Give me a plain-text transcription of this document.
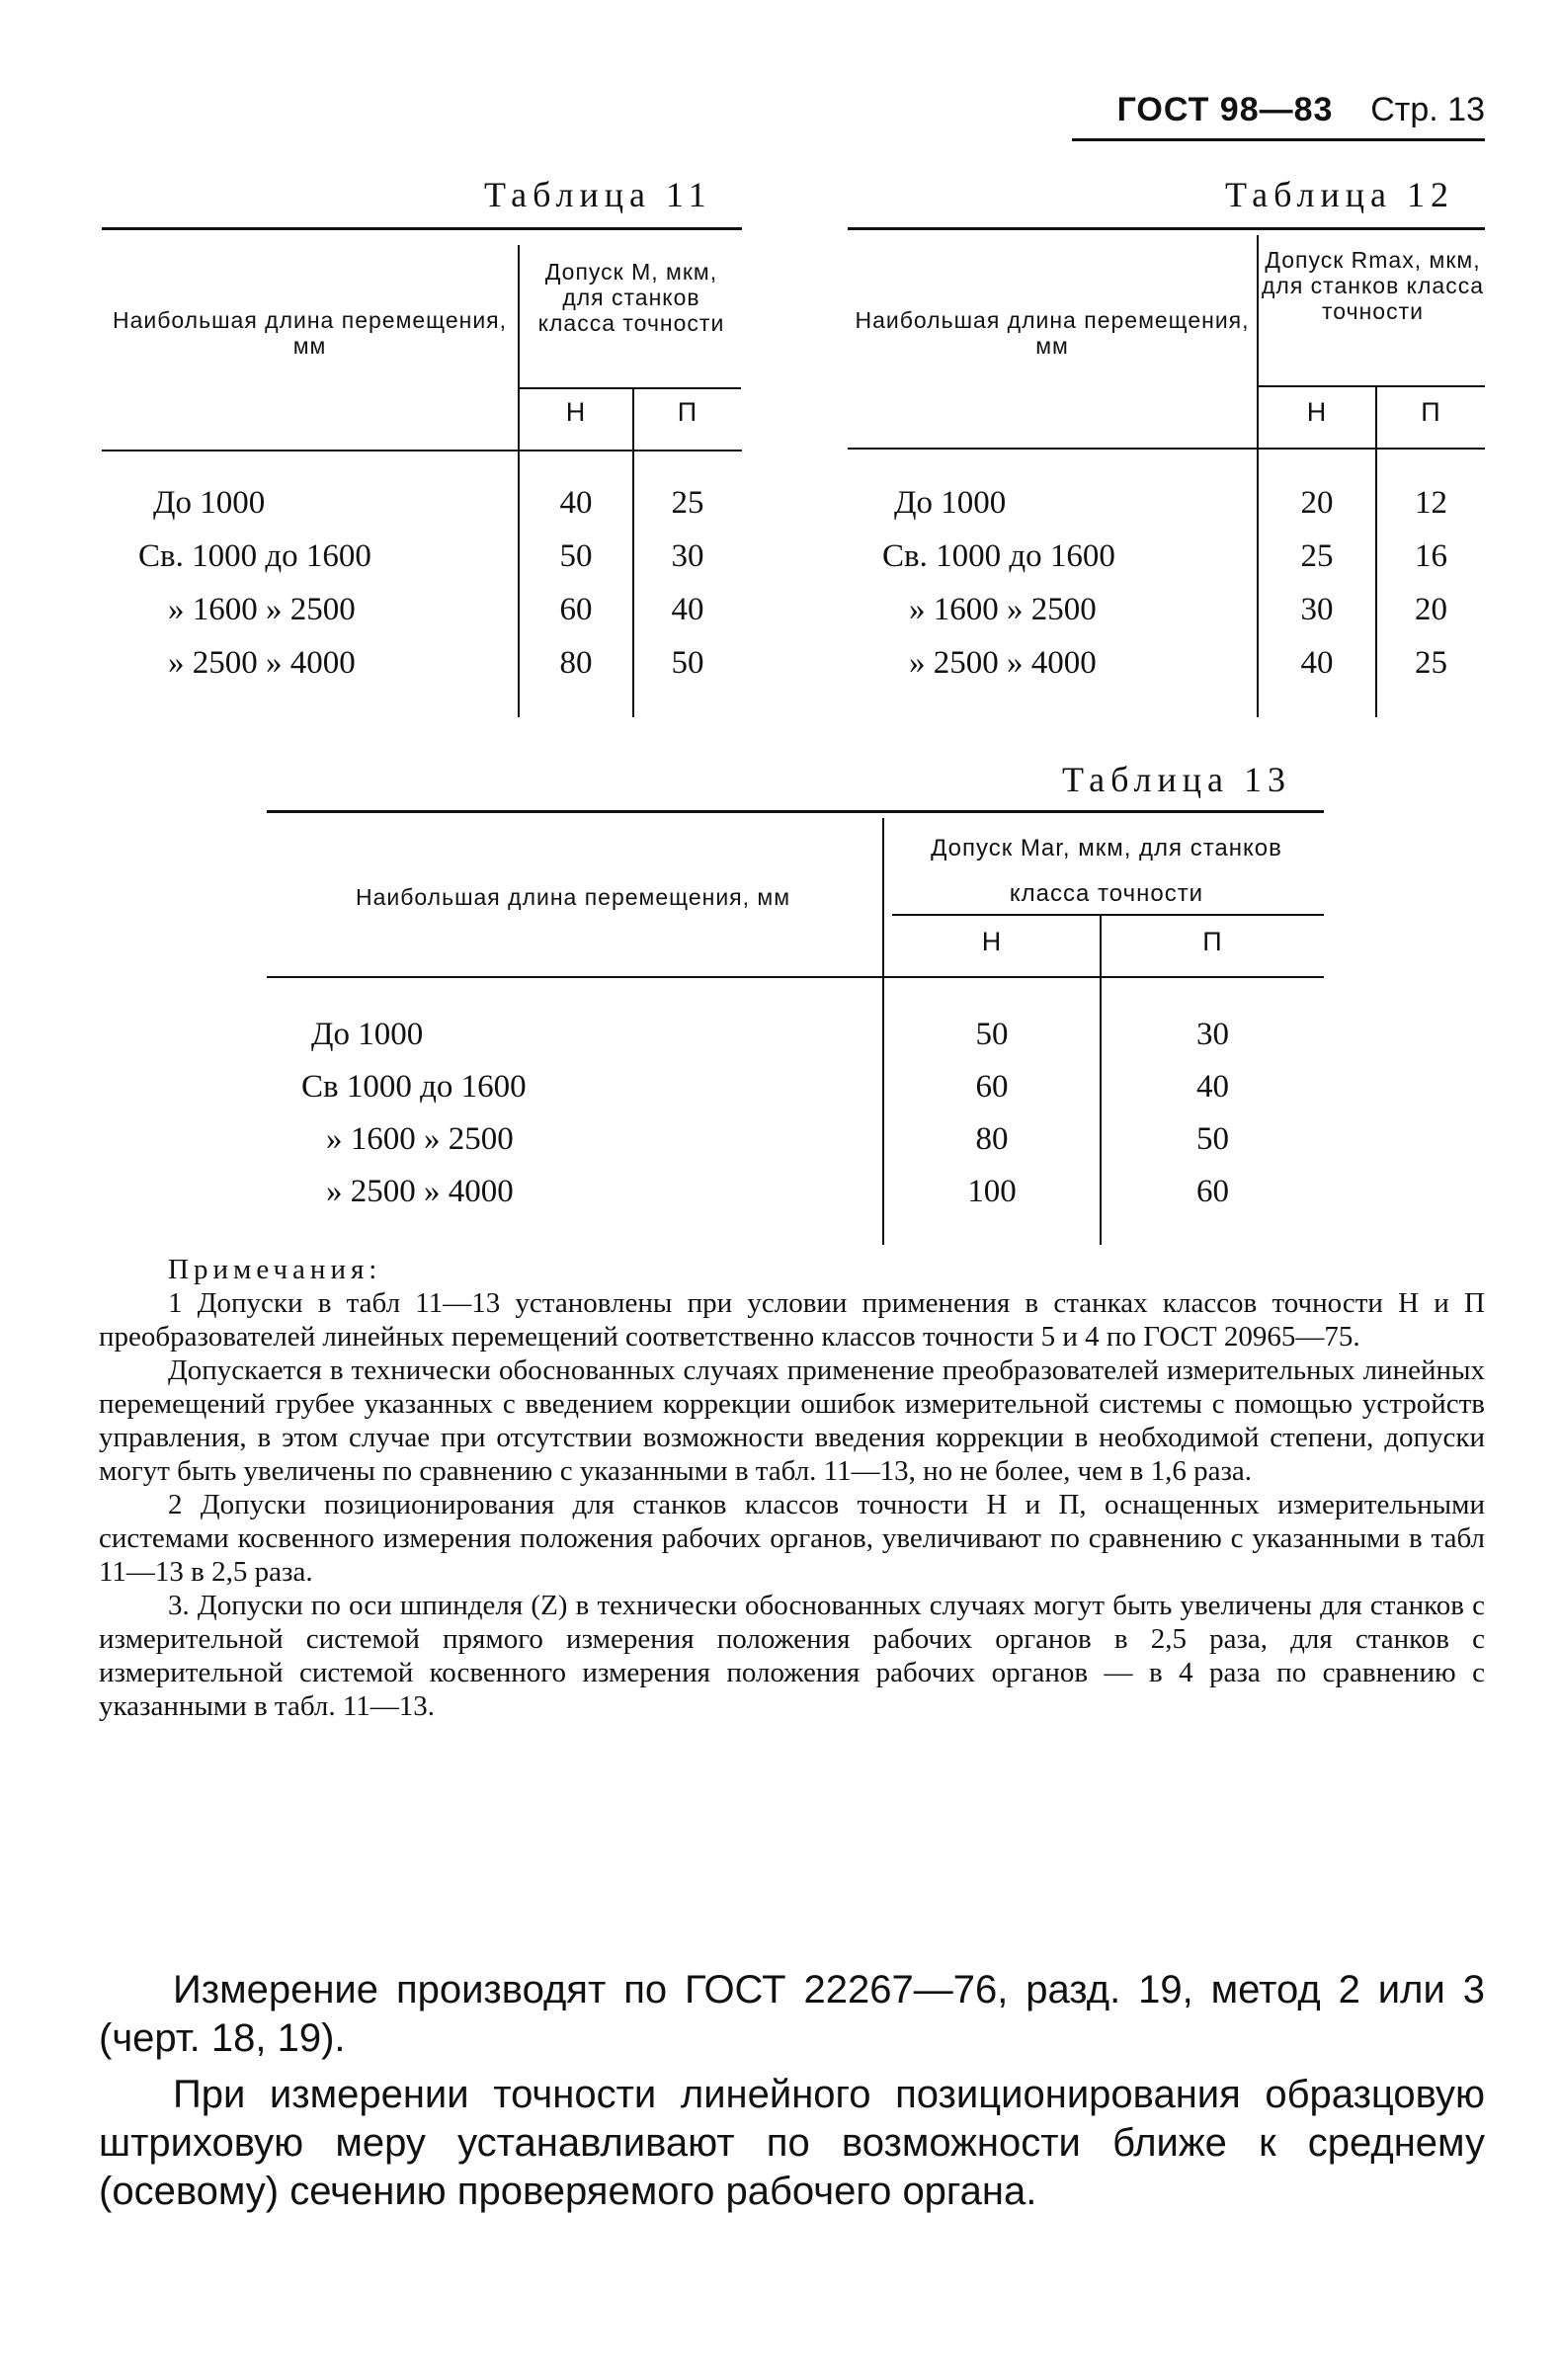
ГОСТ 98—83 Стр. 13
Таблица 11
Наибольшая длина перемещения, мм
Допуск M, мкм, для станков класса точности
Н	П
До 1000	40	25
Св. 1000 до 1600	50	30
» 1600 » 2500	60	40
» 2500 » 4000	80	50
Таблица 12
Наибольшая длина перемещения, мм
Допуск Rmax, мкм, для станков класса точности
Н	П
До 1000	20	12
Св. 1000 до 1600	25	16
» 1600 » 2500	30	20
» 2500 » 4000	40	25
Таблица 13
Наибольшая длина перемещения, мм
Допуск Mar, мкм, для станков класса точности
Н	П
До 1000	50	30
Св 1000 до 1600	60	40
» 1600 » 2500	80	50
» 2500 » 4000	100	60

Примечания:

1 Допуски в табл 11—13 установлены при условии применения в станках классов точности Н и П преобразователей линейных перемещений соответственно классов точности 5 и 4 по ГОСТ 20965—75.

Допускается в технически обоснованных случаях применение преобразователей измерительных линейных перемещений грубее указанных с введением коррекции ошибок измерительной системы с помощью устройств управления, в этом случае при отсутствии возможности введения коррекции в необходимой степени, допуски могут быть увеличены по сравнению с указанными в табл. 11—13, но не более, чем в 1,6 раза.

2 Допуски позиционирования для станков классов точности Н и П, оснащенных измерительными системами косвенного измерения положения рабочих органов, увеличивают по сравнению с указанными в табл 11—13 в 2,5 раза.

3. Допуски по оси шпинделя (Z) в технически обоснованных случаях могут быть увеличены для станков с измерительной системой прямого измерения положения рабочих органов в 2,5 раза, для станков с измерительной системой косвенного измерения положения рабочих органов — в 4 раза по сравнению с указанными в табл. 11—13.

Измерение производят по ГОСТ 22267—76, разд. 19, метод 2 или 3 (черт. 18, 19).

При измерении точности линейного позиционирования образцовую штриховую меру устанавливают по возможности ближе к среднему (осевому) сечению проверяемого рабочего органа.
